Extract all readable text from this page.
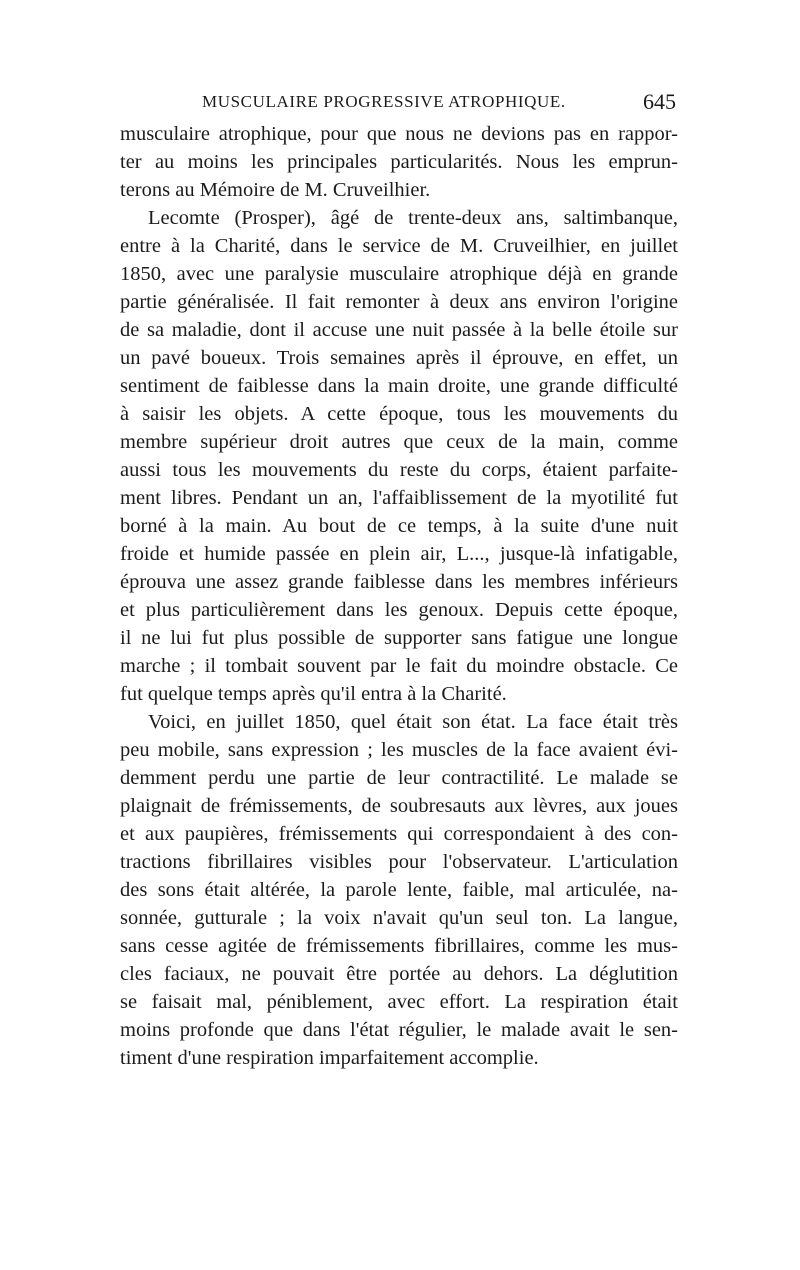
MUSCULAIRE PROGRESSIVE ATROPHIQUE.	645
musculaire atrophique, pour que nous ne devions pas en rappor-
ter au moins les principales particularités. Nous les emprun-
terons au Mémoire de M. Cruveilhier.
Lecomte (Prosper), âgé de trente-deux ans, saltimbanque,
entre à la Charité, dans le service de M. Cruveilhier, en juillet
1850, avec une paralysie musculaire atrophique déjà en grande
partie généralisée. Il fait remonter à deux ans environ l'origine
de sa maladie, dont il accuse une nuit passée à la belle étoile sur
un pavé boueux. Trois semaines après il éprouve, en effet, un
sentiment de faiblesse dans la main droite, une grande difficulté
à saisir les objets. A cette époque, tous les mouvements du
membre supérieur droit autres que ceux de la main, comme
aussi tous les mouvements du reste du corps, étaient parfaite-
ment libres. Pendant un an, l'affaiblissement de la myotilité fut
borné à la main. Au bout de ce temps, à la suite d'une nuit
froide et humide passée en plein air, L..., jusque-là infatigable,
éprouva une assez grande faiblesse dans les membres inférieurs
et plus particulièrement dans les genoux. Depuis cette époque,
il ne lui fut plus possible de supporter sans fatigue une longue
marche ; il tombait souvent par le fait du moindre obstacle. Ce
fut quelque temps après qu'il entra à la Charité.
Voici, en juillet 1850, quel était son état. La face était très
peu mobile, sans expression ; les muscles de la face avaient évi-
demment perdu une partie de leur contractilité. Le malade se
plaignait de frémissements, de soubresauts aux lèvres, aux joues
et aux paupières, frémissements qui correspondaient à des con-
tractions fibrillaires visibles pour l'observateur. L'articulation
des sons était altérée, la parole lente, faible, mal articulée, na-
sonnée, gutturale ; la voix n'avait qu'un seul ton. La langue,
sans cesse agitée de frémissements fibrillaires, comme les mus-
cles faciaux, ne pouvait être portée au dehors. La déglutition
se faisait mal, péniblement, avec effort. La respiration était
moins profonde que dans l'état régulier, le malade avait le sen-
timent d'une respiration imparfaitement accomplie.
